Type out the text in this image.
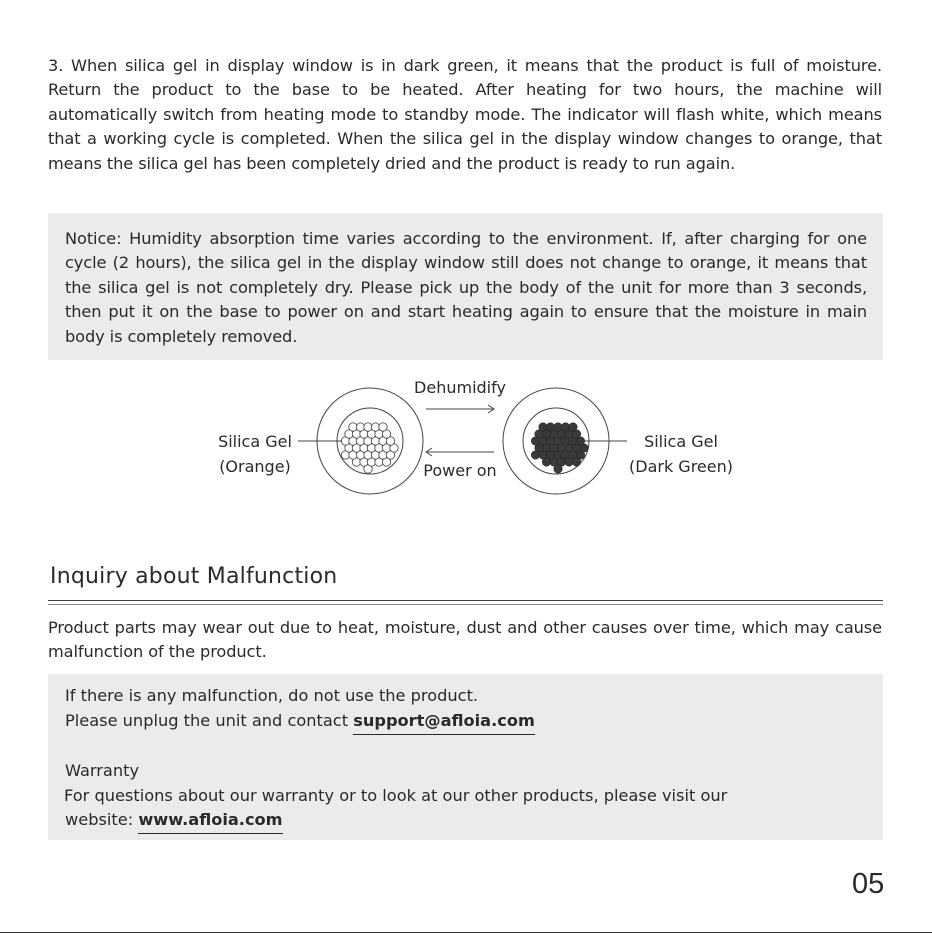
3. When silica gel in display window is in dark green, it means that the product is full of moisture. Return the product to the base to be heated. After heating for two hours, the machine will automatically switch from heating mode to standby mode. The indicator will flash white, which means that a working cycle is completed. When the silica gel in the display window changes to orange, that means the silica gel has been completely dried and the product is ready to run again.

Notice: Humidity absorption time varies according to the environment. If, after charging for one cycle (2 hours), the silica gel in the display window still does not change to orange, it means that the silica gel is not completely dry. Please pick up the body of the unit for more than 3 seconds, then put it on the base to power on and start heating again to ensure that the moisture in main body is completely removed.

Dehumidify
Power on
Silica Gel
(Orange)
Silica Gel
(Dark Green)
Inquiry about Malfunction

Product parts may wear out due to heat, moisture, dust and other causes over time, which may cause malfunction of the product.

If there is any malfunction, do not use the product.
Please unplug the unit and contact support@afloia.com
Warranty
For questions about our warranty or to look at our other products, please visit our
website: www.afloia.com
05
